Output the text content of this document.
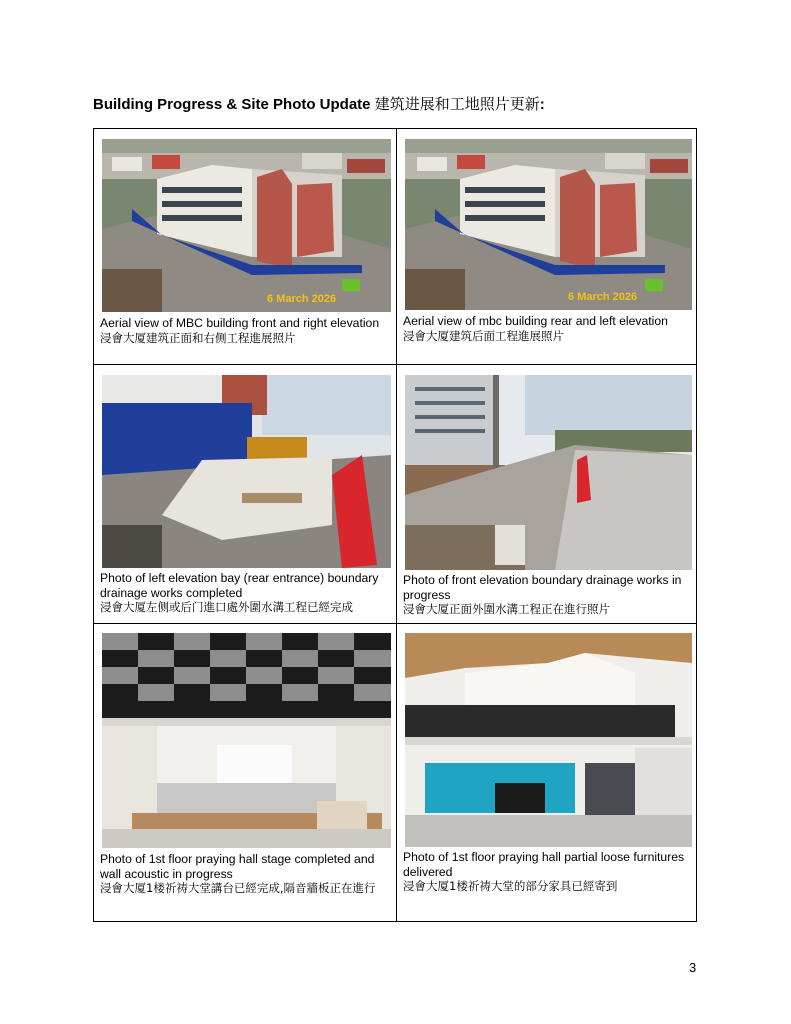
Building Progress & Site Photo Update 建筑进展和工地照片更新:
6 March 2026
Aerial view of MBC building front and right elevation
浸會大厦建筑正面和右侧工程進展照片
6 March 2026
Aerial view of mbc building rear and left elevation
浸會大厦建筑后面工程進展照片
Photo of left elevation bay (rear entrance) boundary drainage works completed
浸會大厦左侧或后门進口處外圍水溝工程已經完成
Photo of front elevation boundary drainage works in progress
浸會大厦正面外圍水溝工程正在進行照片
Photo of 1st floor praying hall stage completed and wall acoustic in progress
浸會大厦1楼祈祷大堂講台已經完成,隔音牆板正在進行
Photo of 1st floor praying hall partial loose furnitures delivered
浸會大厦1楼祈祷大堂的部分家具已經寄到
3
